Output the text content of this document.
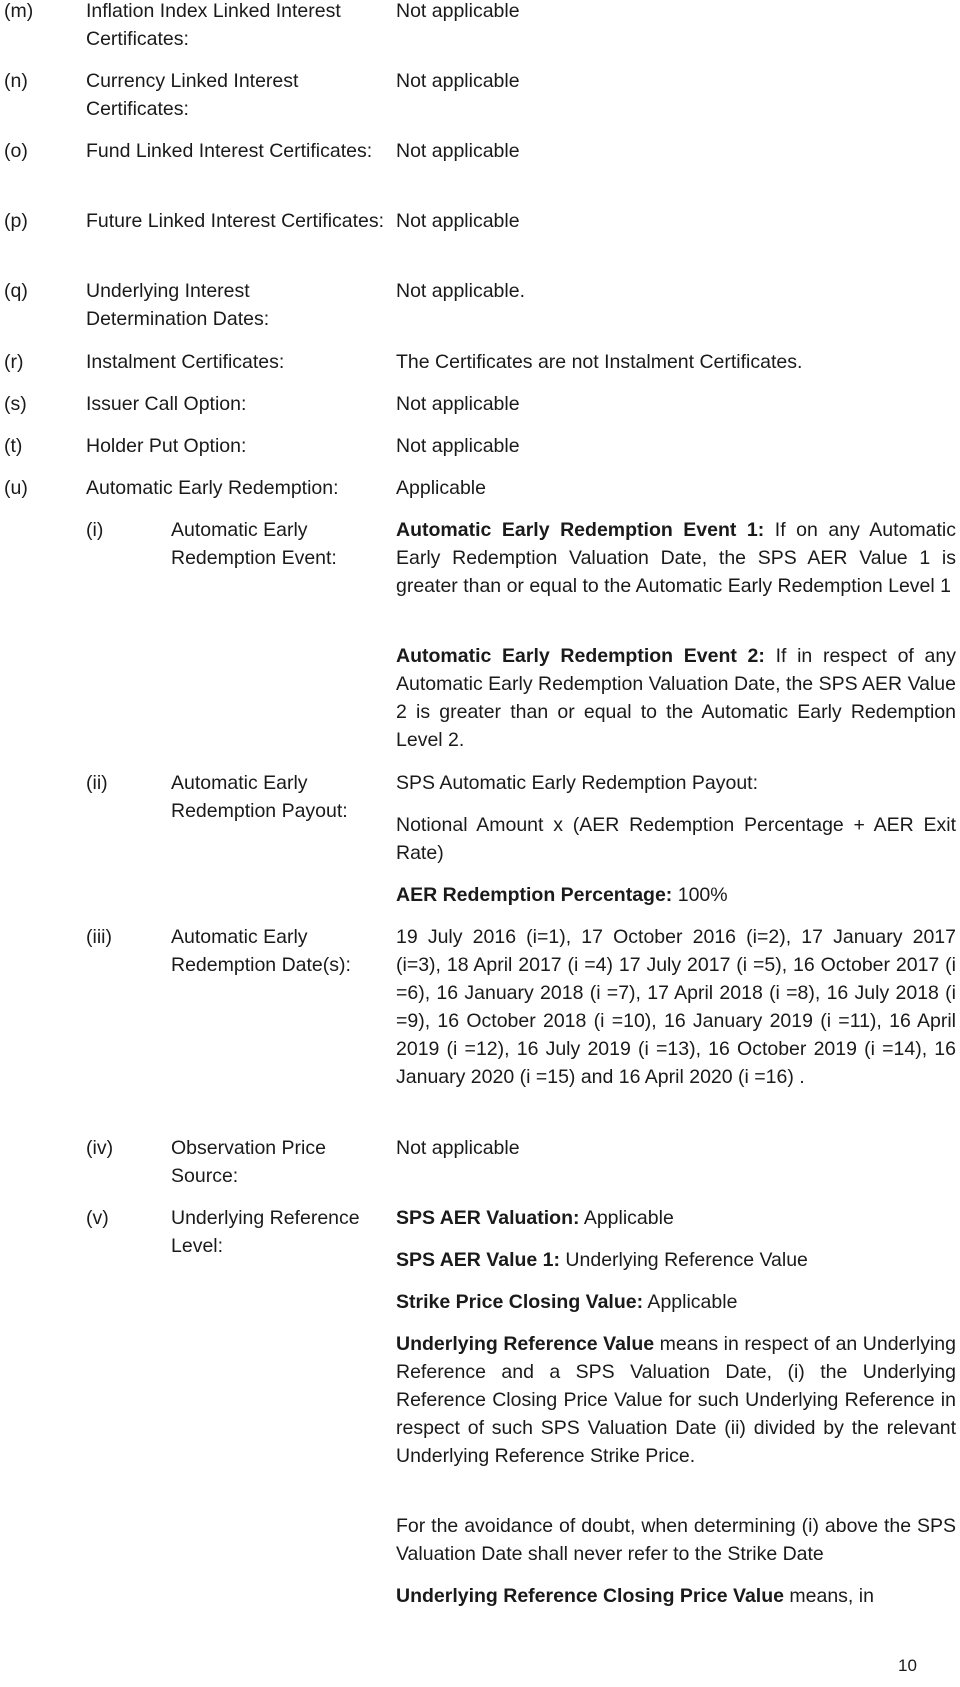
(m)	Inflation Index Linked Interest Certificates:
Not applicable
(n)	Currency Linked Interest Certificates:
Not applicable
(o)	Fund Linked Interest Certificates:	Not applicable
(p)	Future Linked Interest Certificates: Not applicable
(q)	Underlying Interest Determination Dates:
Not applicable.
(r)	Instalment Certificates:	The Certificates are not Instalment Certificates.
(s)	Issuer Call Option:	Not applicable
(t)	Holder Put Option:	Not applicable
(u)	Automatic Early Redemption:	Applicable
(i)	Automatic Early Redemption Event:
Automatic Early Redemption Event 1: If on any Automatic Early Redemption Valuation Date, the SPS AER Value 1 is greater than or equal to the Automatic Early Redemption Level 1
Automatic Early Redemption Event 2: If in respect of any Automatic Early Redemption Valuation Date, the SPS AER Value 2 is greater than or equal to the Automatic Early Redemption Level 2.
(ii)	Automatic Early Redemption Payout:
SPS Automatic Early Redemption Payout:
Notional Amount x (AER Redemption Percentage + AER Exit Rate)
AER Redemption Percentage: 100%
(iii)	Automatic Early Redemption Date(s):
19 July 2016 (i=1), 17 October 2016 (i=2), 17 January 2017 (i=3), 18 April 2017 (i =4) 17 July 2017 (i =5), 16 October 2017 (i =6), 16 January 2018 (i =7), 17 April 2018 (i =8), 16 July 2018 (i =9), 16 October 2018 (i =10), 16 January 2019 (i =11), 16 April 2019 (i =12), 16 July 2019 (i =13), 16 October 2019 (i =14), 16 January 2020 (i =15) and 16 April 2020 (i =16) .
(iv)	Observation Price Source:
Not applicable
(v)	Underlying Reference Level:
SPS AER Valuation: Applicable
SPS AER Value 1: Underlying Reference Value
Strike Price Closing Value: Applicable
Underlying Reference Value means in respect of an Underlying Reference and a SPS Valuation Date, (i) the Underlying Reference Closing Price Value for such Underlying Reference in respect of such SPS Valuation Date (ii) divided by the relevant Underlying Reference Strike Price.
For the avoidance of doubt, when determining (i) above the SPS Valuation Date shall never refer to the Strike Date
Underlying Reference Closing Price Value means, in
10
